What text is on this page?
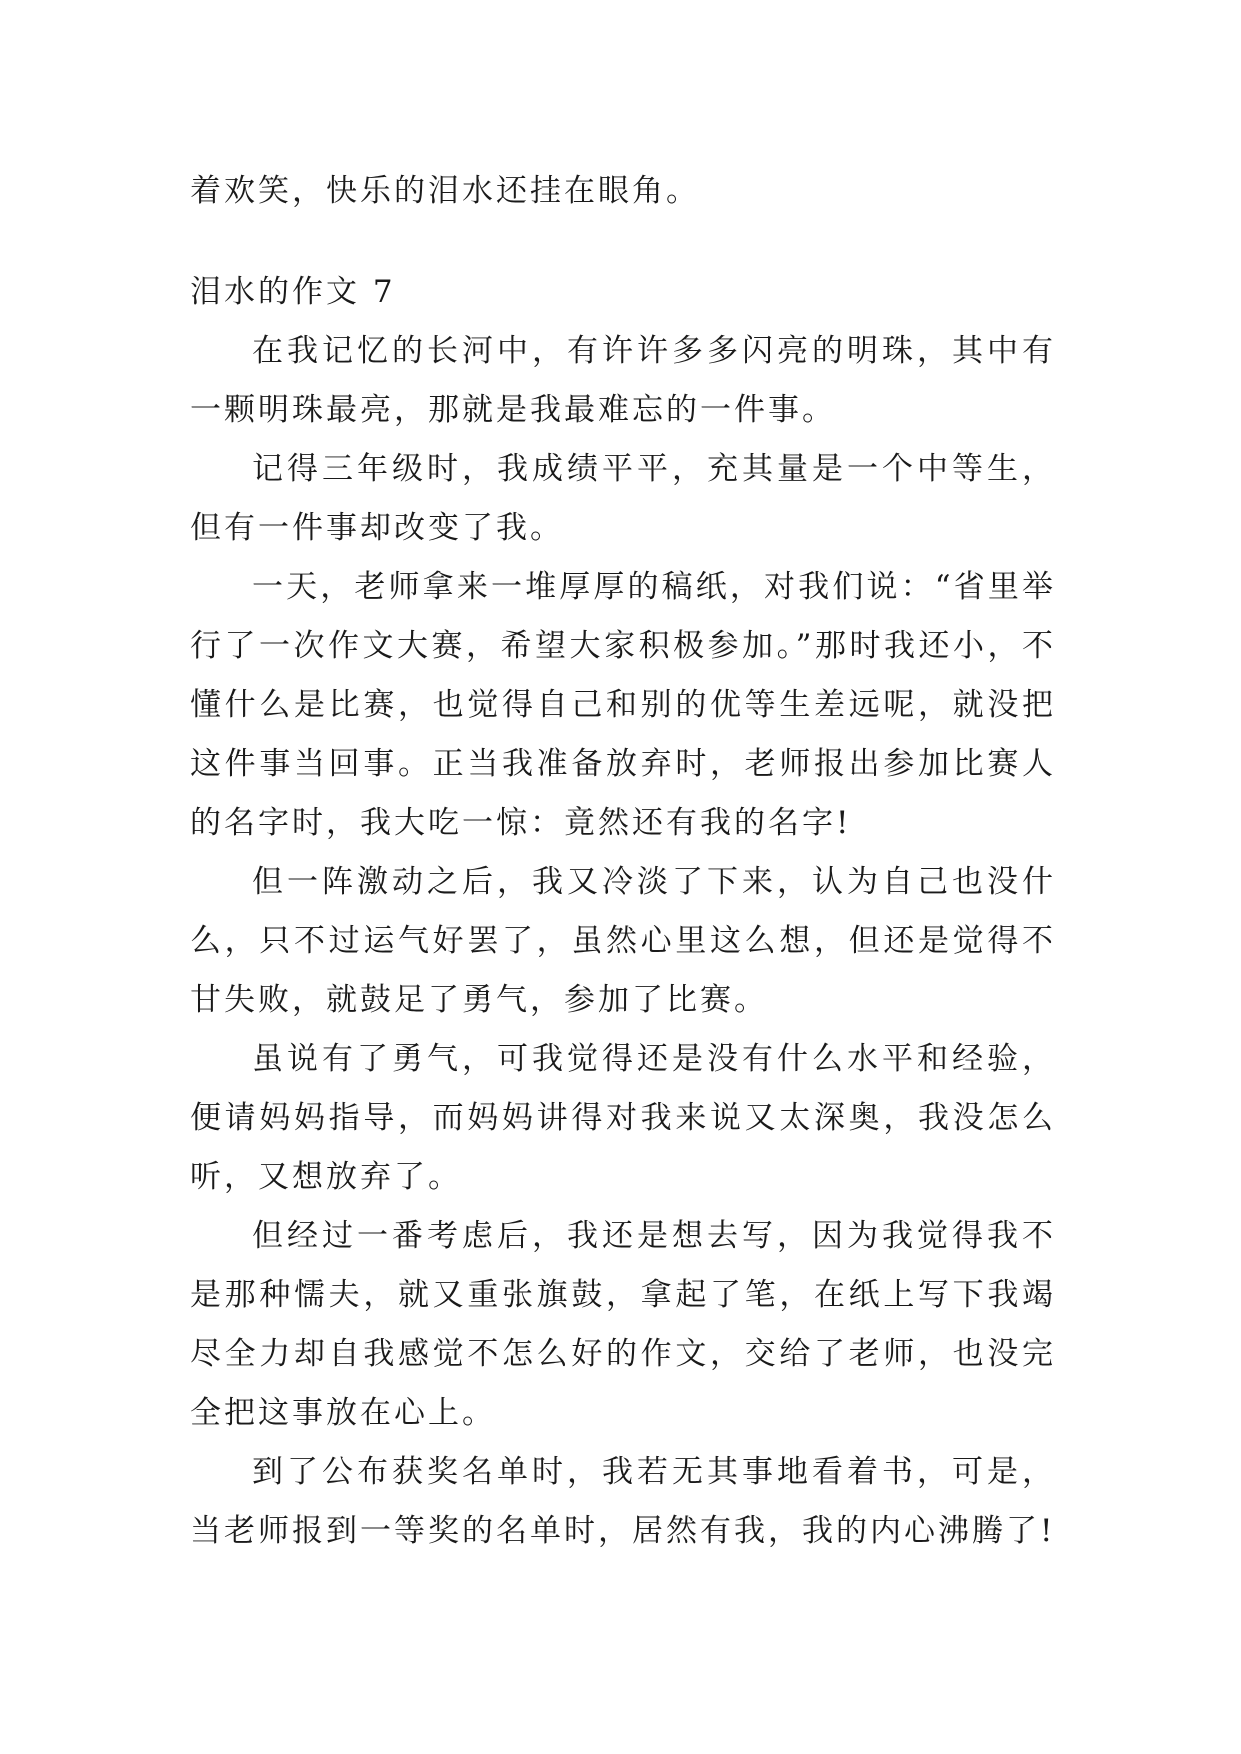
着欢笑，快乐的泪水还挂在眼角。

泪水的作文 7

在我记忆的长河中，有许许多多闪亮的明珠，其中有一颗明珠最亮，那就是我最难忘的一件事。

记得三年级时，我成绩平平，充其量是一个中等生，但有一件事却改变了我。

一天，老师拿来一堆厚厚的稿纸，对我们说：“省里举行了一次作文大赛，希望大家积极参加。”那时我还小，不懂什么是比赛，也觉得自己和别的优等生差远呢，就没把这件事当回事。正当我准备放弃时，老师报出参加比赛人的名字时，我大吃一惊：竟然还有我的名字!

但一阵激动之后，我又冷淡了下来，认为自己也没什么，只不过运气好罢了，虽然心里这么想，但还是觉得不甘失败，就鼓足了勇气，参加了比赛。

虽说有了勇气，可我觉得还是没有什么水平和经验，便请妈妈指导，而妈妈讲得对我来说又太深奥，我没怎么听，又想放弃了。

但经过一番考虑后，我还是想去写，因为我觉得我不是那种懦夫，就又重张旗鼓，拿起了笔，在纸上写下我竭尽全力却自我感觉不怎么好的作文，交给了老师，也没完全把这事放在心上。

到了公布获奖名单时，我若无其事地看着书，可是，当老师报到一等奖的名单时，居然有我，我的内心沸腾了!
